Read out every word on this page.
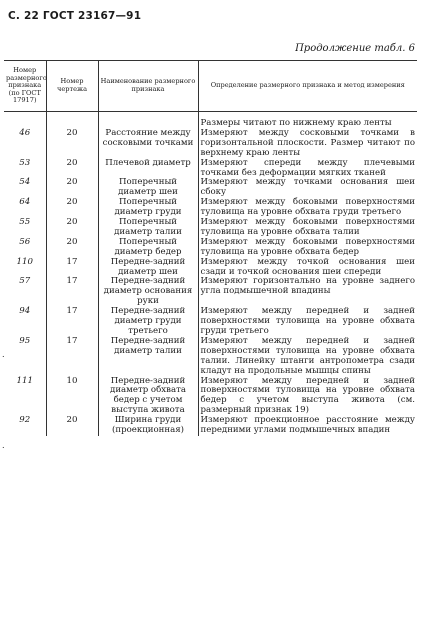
С. 22 ГОСТ 23167—91
Продолжение табл. 6
.
.
Номер размерного признака (по ГОСТ 17917)	Номер чертежа	Наименование размерного признака	Определение размерного признака и метод измерения
			Размеры читают по нижнему краю ленты
46	20	Расстояние между сосковыми точками	Измеряют между сосковыми точками в горизонтальной плоскости. Размер читают по верхнему краю ленты
53	20	Плечевой диаметр	Измеряют спереди между плечевыми точками без деформации мягких тканей
54	20	Поперечный диаметр шеи	Измеряют между точками основания шеи сбоку
64	20	Поперечный диаметр груди	Измеряют между боковыми поверхностями туловища на уровне обхвата груди третьего
55	20	Поперечный диаметр талии	Измеряют между боковыми поверхностями туловища на уровне обхвата талии
56	20	Поперечный диаметр бедер	Измеряют между боковыми поверхностями туловища на уровне обхвата бедер
110	17	Передне-задний диаметр шеи	Измеряют между точкой основания шеи сзади и точкой основания шеи спереди
57	17	Передне-задний диаметр основания руки	Измеряют горизонтально на уровне заднего угла подмышечной впадины
94	17	Передне-задний диаметр груди третьего	Измеряют между передней и задней поверхностями туловища на уровне обхвата груди третьего
95	17	Передне-задний диаметр талии	Измеряют между передней и задней поверхностями туловища на уровне обхвата талии. Линейку штанги антропометра сзади кладут на продольные мышцы спины
111	10	Передне-задний диаметр обхвата бедер с учетом выступа живота	Измеряют между передней и задней поверхностями туловища на уровне обхвата бедер с учетом выступа живота (см. размерный признак 19)
92	20	Ширина груди (проекционная)	Измеряют проекционное расстояние между передними углами подмышечных впадин
